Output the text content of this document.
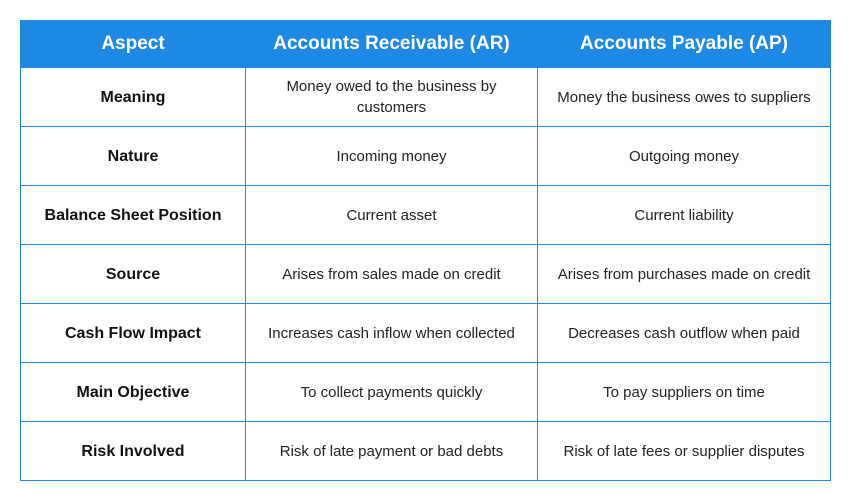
Aspect	Accounts Receivable (AR)	Accounts Payable (AP)
Meaning	Money owed to the business by customers	Money the business owes to suppliers
Nature	Incoming money	Outgoing money
Balance Sheet Position	Current asset	Current liability
Source	Arises from sales made on credit	Arises from purchases made on credit
Cash Flow Impact	Increases cash inflow when collected	Decreases cash outflow when paid
Main Objective	To collect payments quickly	To pay suppliers on time
Risk Involved	Risk of late payment or bad debts	Risk of late fees or supplier disputes
